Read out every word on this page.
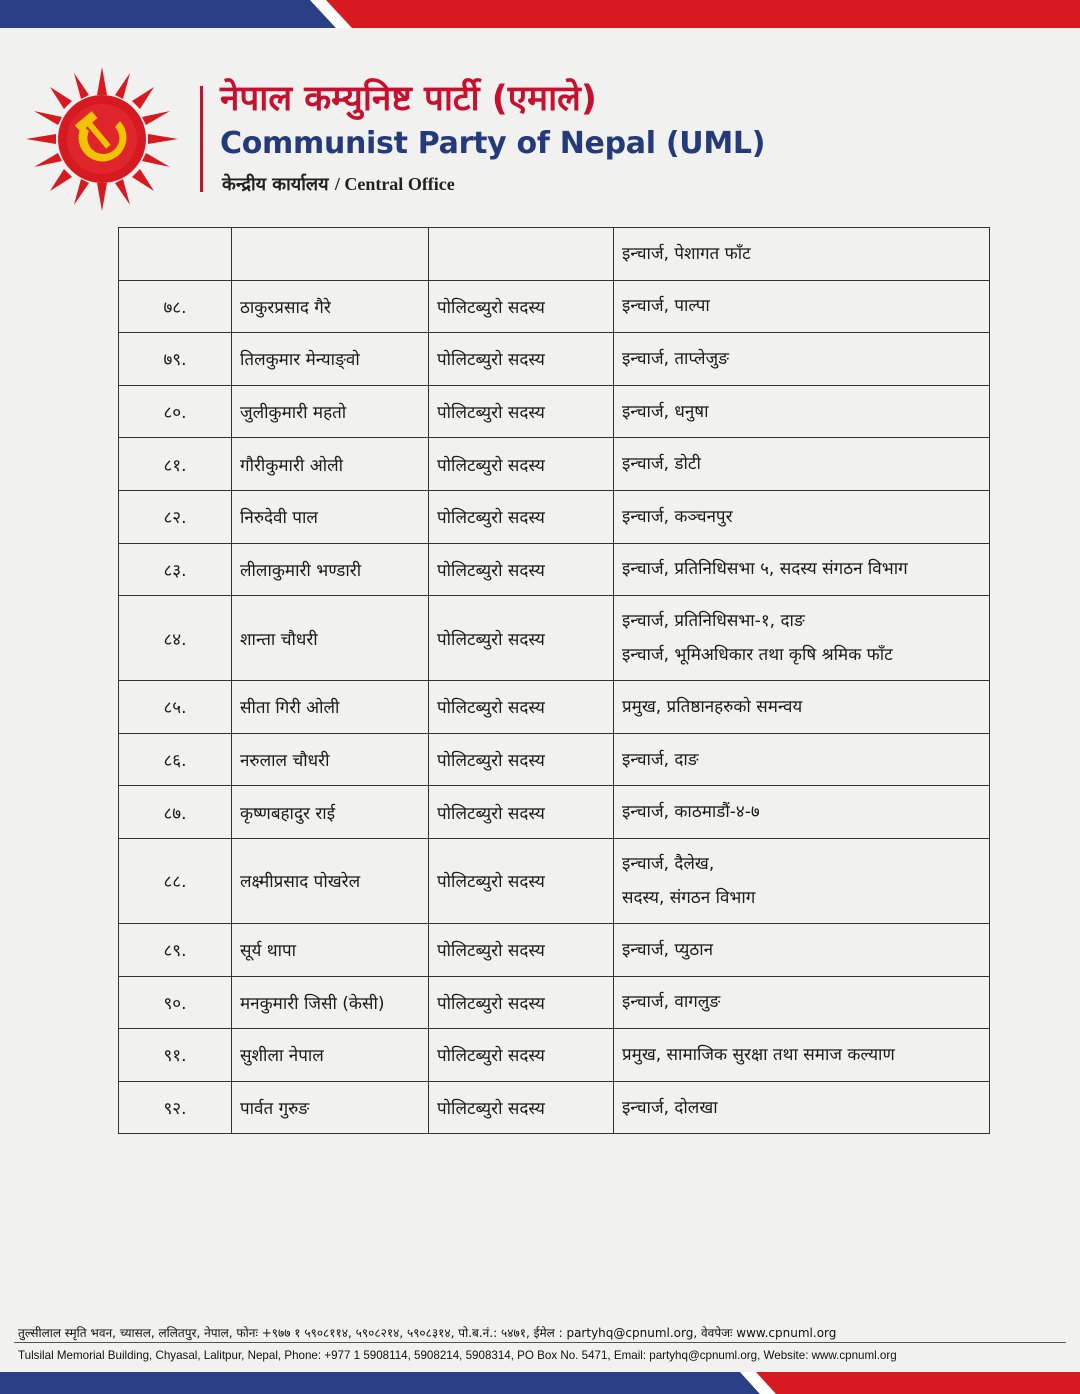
नेपाल कम्युनिष्ट पार्टी (एमाले)
Communist Party of Nepal (UML)
केन्द्रीय कार्यालय / Central Office

			इन्चार्ज, पेशागत फाँट

७८.	ठाकुरप्रसाद गैरे	पोलिटब्युरो सदस्य	इन्चार्ज, पाल्पा

७९.	तिलकुमार मेन्याङ्वो	पोलिटब्युरो सदस्य	इन्चार्ज, ताप्लेजुङ

८०.	जुलीकुमारी महतो	पोलिटब्युरो सदस्य	इन्चार्ज, धनुषा

८१.	गौरीकुमारी ओली	पोलिटब्युरो सदस्य	इन्चार्ज, डोटी

८२.	निरुदेवी पाल	पोलिटब्युरो सदस्य	इन्चार्ज, कञ्चनपुर

८३.	लीलाकुमारी भण्डारी	पोलिटब्युरो सदस्य	इन्चार्ज, प्रतिनिधिसभा ५, सदस्य संगठन विभाग

८४.	शान्ता चौधरी	पोलिटब्युरो सदस्य	इन्चार्ज, प्रतिनिधिसभा-१, दाङ
इन्चार्ज, भूमिअधिकार तथा कृषि श्रमिक फाँट

८५.	सीता गिरी ओली	पोलिटब्युरो सदस्य	प्रमुख, प्रतिष्ठानहरुको समन्वय

८६.	नरुलाल चौधरी	पोलिटब्युरो सदस्य	इन्चार्ज, दाङ

८७.	कृष्णबहादुर राई	पोलिटब्युरो सदस्य	इन्चार्ज, काठमाडौं-४-७

८८.	लक्ष्मीप्रसाद पोखरेल	पोलिटब्युरो सदस्य	इन्चार्ज, दैलेख,
सदस्य, संगठन विभाग

८९.	सूर्य थापा	पोलिटब्युरो सदस्य	इन्चार्ज, प्युठान

९०.	मनकुमारी जिसी (केसी)	पोलिटब्युरो सदस्य	इन्चार्ज, वागलुङ

९१.	सुशीला नेपाल	पोलिटब्युरो सदस्य	प्रमुख, सामाजिक सुरक्षा तथा समाज कल्याण

९२.	पार्वत गुरुङ	पोलिटब्युरो सदस्य	इन्चार्ज, दोलखा
तुल्सीलाल स्मृति भवन, च्यासल, ललितपुर, नेपाल, फोनः +९७७ १ ५९०८११४, ५९०८२१४, ५९०८३१४, पो.ब.नं.: ५४७१, ईमेल : partyhq@cpnuml.org, वेवपेजः www.cpnuml.org
Tulsilal Memorial Building, Chyasal, Lalitpur, Nepal, Phone: +977 1 5908114, 5908214, 5908314, PO Box No. 5471, Email: partyhq@cpnuml.org, Website: www.cpnuml.org
